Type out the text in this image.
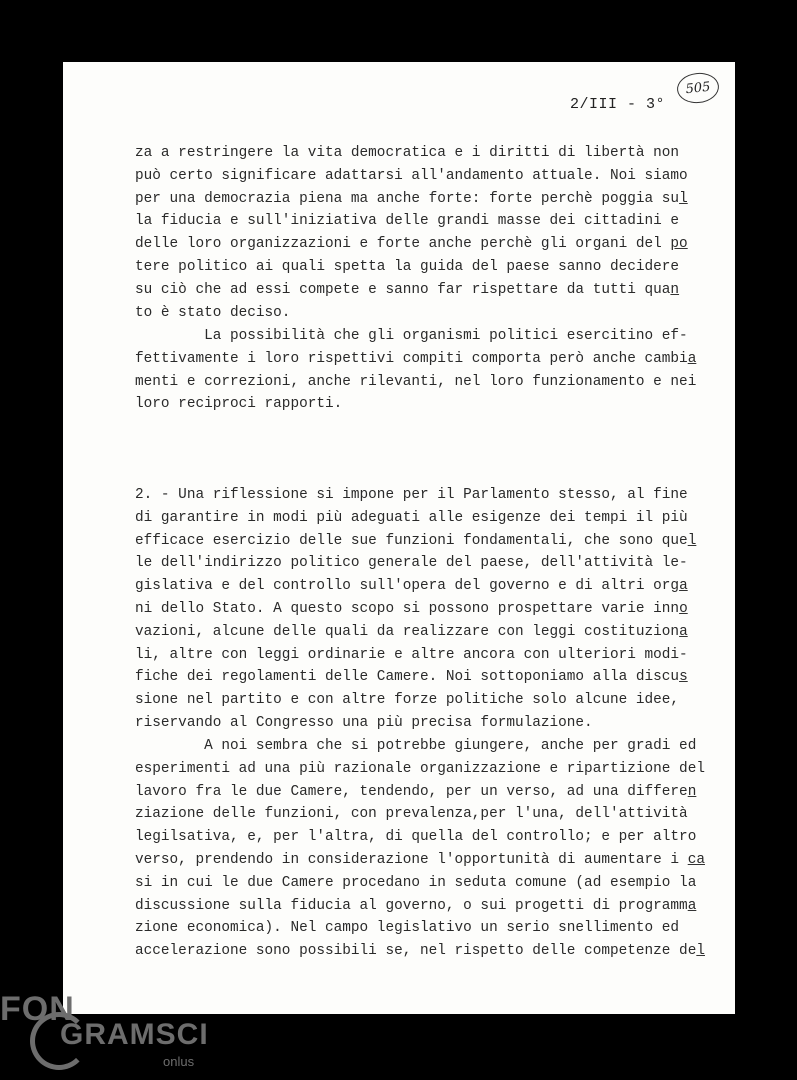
505
2/III - 3°

za a restringere la vita democratica e i diritti di libertà non
può certo significare adattarsi all'andamento attuale. Noi siamo
per una democrazia piena ma anche forte: forte perchè poggia sul
la fiducia e sull'iniziativa delle grandi masse dei cittadini e
delle loro organizzazioni e forte anche perchè gli organi del po
tere politico ai quali spetta la guida del paese sanno decidere
su ciò che ad essi compete e sanno far rispettare da tutti quan
to è stato deciso.

La possibilità che gli organismi politici esercitino ef-
fettivamente i loro rispettivi compiti comporta però anche cambia
menti e correzioni, anche rilevanti, nel loro funzionamento e nei
loro reciproci rapporti.

2. - Una riflessione si impone per il Parlamento stesso, al fine
di garantire in modi più adeguati alle esigenze dei tempi il più
efficace esercizio delle sue funzioni fondamentali, che sono quel
le dell'indirizzo politico generale del paese, dell'attività le-
gislativa e del controllo sull'opera del governo e di altri orga
ni dello Stato. A questo scopo si possono prospettare varie inno
vazioni, alcune delle quali da realizzare con leggi costituziona
li, altre con leggi ordinarie e altre ancora con ulteriori modi-
fiche dei regolamenti delle Camere. Noi sottoponiamo alla discus
sione nel partito e con altre forze politiche solo alcune idee,
riservando al Congresso una più precisa formulazione.

A noi sembra che si potrebbe giungere, anche per gradi ed
esperimenti ad una più razionale organizzazione e ripartizione del
lavoro fra le due Camere, tendendo, per un verso, ad una differen
ziazione delle funzioni, con prevalenza,per l'una, dell'attività
legilsativa, e, per l'altra, di quella del controllo; e per altro
verso, prendendo in considerazione l'opportunità di aumentare i ca
si in cui le due Camere procedano in seduta comune (ad esempio la
discussione sulla fiducia al governo, o sui progetti di programma
zione economica). Nel campo legislativo un serio snellimento ed
accelerazione sono possibili se, nel rispetto delle competenze del

FON
GRAMSCI
onlus
